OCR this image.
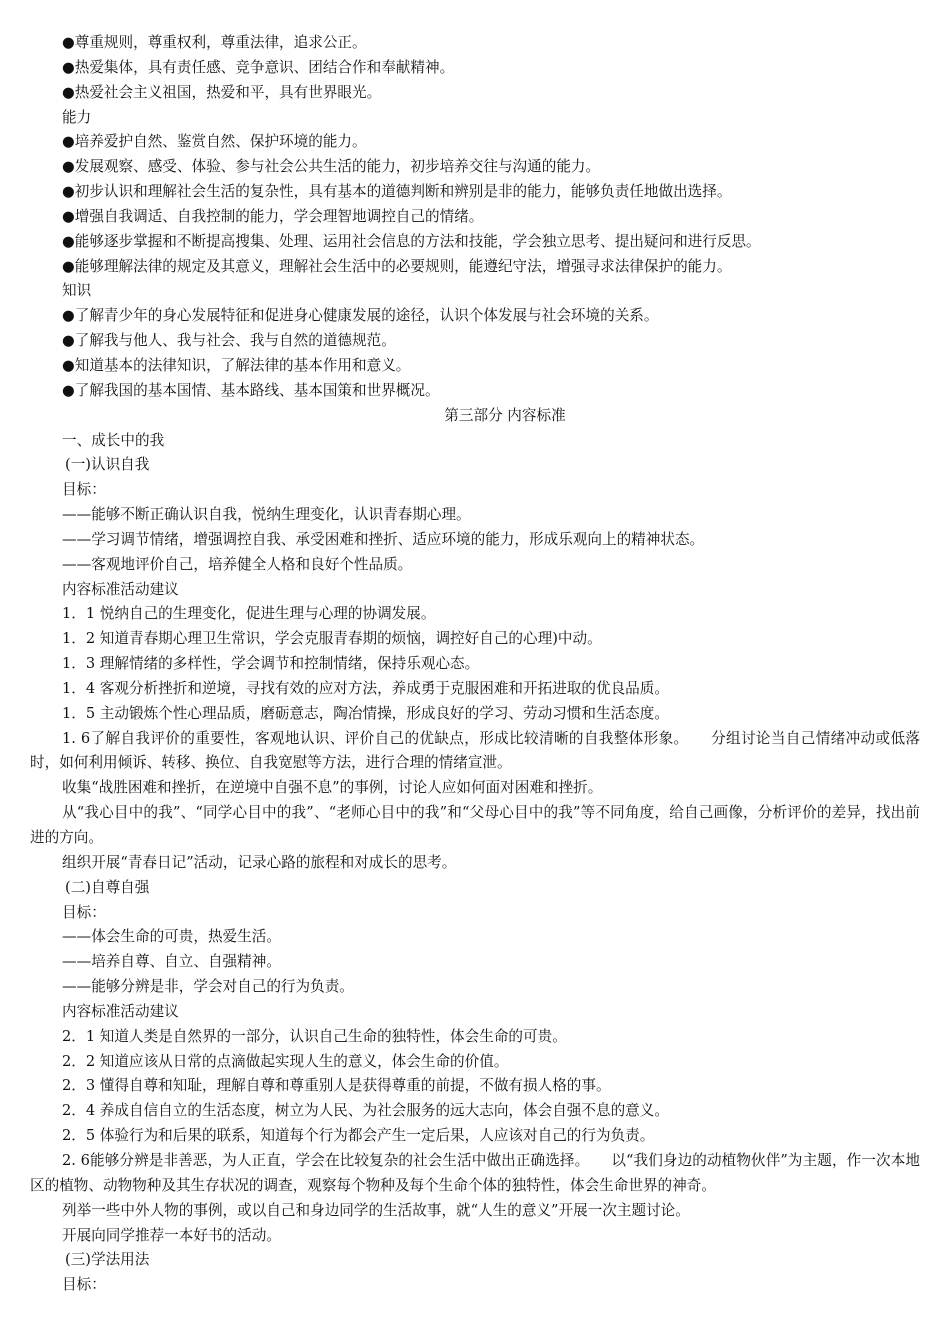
●尊重规则，尊重权利，尊重法律，追求公正。
●热爱集体，具有责任感、竞争意识、团结合作和奉献精神。
●热爱社会主义祖国，热爱和平，具有世界眼光。
能力
●培养爱护自然、鉴赏自然、保护环境的能力。
●发展观察、感受、体验、参与社会公共生活的能力，初步培养交往与沟通的能力。
●初步认识和理解社会生活的复杂性，具有基本的道德判断和辨别是非的能力，能够负责任地做出选择。
●增强自我调适、自我控制的能力，学会理智地调控自己的情绪。
●能够逐步掌握和不断提高搜集、处理、运用社会信息的方法和技能，学会独立思考、提出疑问和进行反思。
●能够理解法律的规定及其意义，理解社会生活中的必要规则，能遵纪守法，增强寻求法律保护的能力。
知识
●了解青少年的身心发展特征和促进身心健康发展的途径，认识个体发展与社会环境的关系。
●了解我与他人、我与社会、我与自然的道德规范。
●知道基本的法律知识，了解法律的基本作用和意义。
●了解我国的基本国情、基本路线、基本国策和世界概况。
第三部分 内容标准
一、成长中的我
(一)认识自我
目标：
——能够不断正确认识自我，悦纳生理变化，认识青春期心理。
——学习调节情绪，增强调控自我、承受困难和挫折、适应环境的能力，形成乐观向上的精神状态。
——客观地评价自己，培养健全人格和良好个性品质。
内容标准活动建议
1．1 悦纳自己的生理变化，促进生理与心理的协调发展。
1．2 知道青春期心理卫生常识，学会克服青春期的烦恼，调控好自己的心理)中动。
1．3 理解情绪的多样性，学会调节和控制情绪，保持乐观心态。
1．4 客观分析挫折和逆境，寻找有效的应对方法，养成勇于克服困难和开拓进取的优良品质。
1．5 主动锻炼个性心理品质，磨砺意志，陶冶情操，形成良好的学习、劳动习惯和生活态度。
1. 6了解自我评价的重要性，客观地认识、评价自己的优缺点，形成比较清晰的自我整体形象。　　分组讨论当自己情绪冲动或低落时，如何利用倾诉、转移、换位、自我宽慰等方法，进行合理的情绪宣泄。
收集“战胜困难和挫折，在逆境中自强不息”的事例，讨论人应如何面对困难和挫折。
从“我心目中的我”、“同学心目中的我”、“老师心目中的我”和“父母心目中的我”等不同角度，给自己画像，分析评价的差异，找出前进的方向。
组织开展“青春日记”活动，记录心路的旅程和对成长的思考。
(二)自尊自强
目标：
——体会生命的可贵，热爱生活。
——培养自尊、自立、自强精神。
——能够分辨是非，学会对自己的行为负责。
内容标准活动建议
2．1 知道人类是自然界的一部分，认识自己生命的独特性，体会生命的可贵。
2．2 知道应该从日常的点滴做起实现人生的意义，体会生命的价值。
2．3 懂得自尊和知耻，理解自尊和尊重别人是获得尊重的前提，不做有损人格的事。
2．4 养成自信自立的生活态度，树立为人民、为社会服务的远大志向，体会自强不息的意义。
2．5 体验行为和后果的联系，知道每个行为都会产生一定后果，人应该对自己的行为负责。
2. 6能够分辨是非善恶，为人正直，学会在比较复杂的社会生活中做出正确选择。　　以“我们身边的动植物伙伴”为主题，作一次本地区的植物、动物物种及其生存状况的调查，观察每个物种及每个生命个体的独特性，体会生命世界的神奇。
列举一些中外人物的事例，或以自己和身边同学的生活故事，就“人生的意义”开展一次主题讨论。
开展向同学推荐一本好书的活动。
(三)学法用法
目标：
